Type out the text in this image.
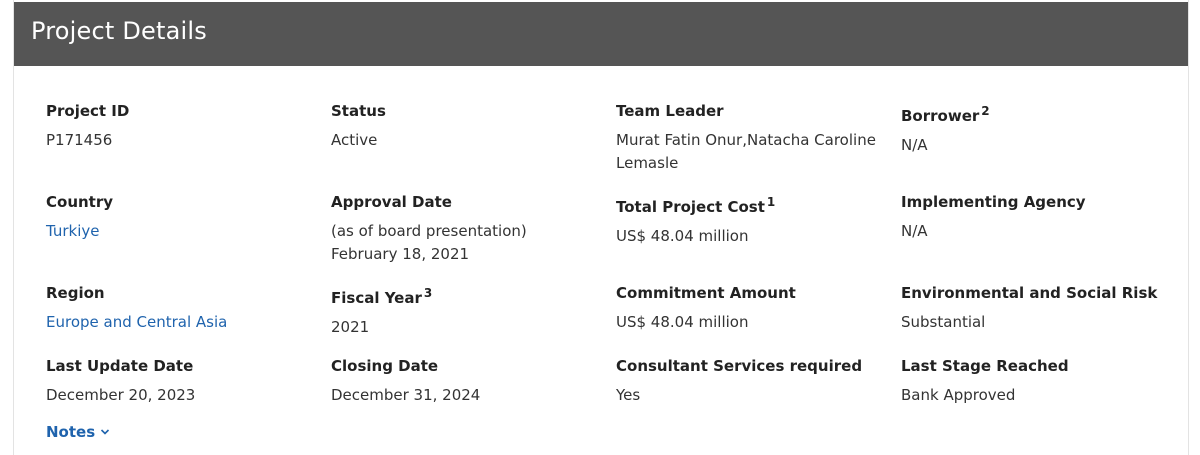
Project Details
Project ID
P171456
Status
Active
Team Leader
Murat Fatin Onur,Natacha Caroline Lemasle
Borrower $^2$
N/A
Country
Turkiye
Approval Date
(as of board presentation)
February 18, 2021
Total Project Cost $^1$
US$ 48.04 million
Implementing Agency
N/A
Region
Europe and Central Asia
Fiscal Year $^3$
2021
Commitment Amount
US$ 48.04 million
Environmental and Social Risk
Substantial
Last Update Date
December 20, 2023
Closing Date
December 31, 2024
Consultant Services required
Yes
Last Stage Reached
Bank Approved
Notes
